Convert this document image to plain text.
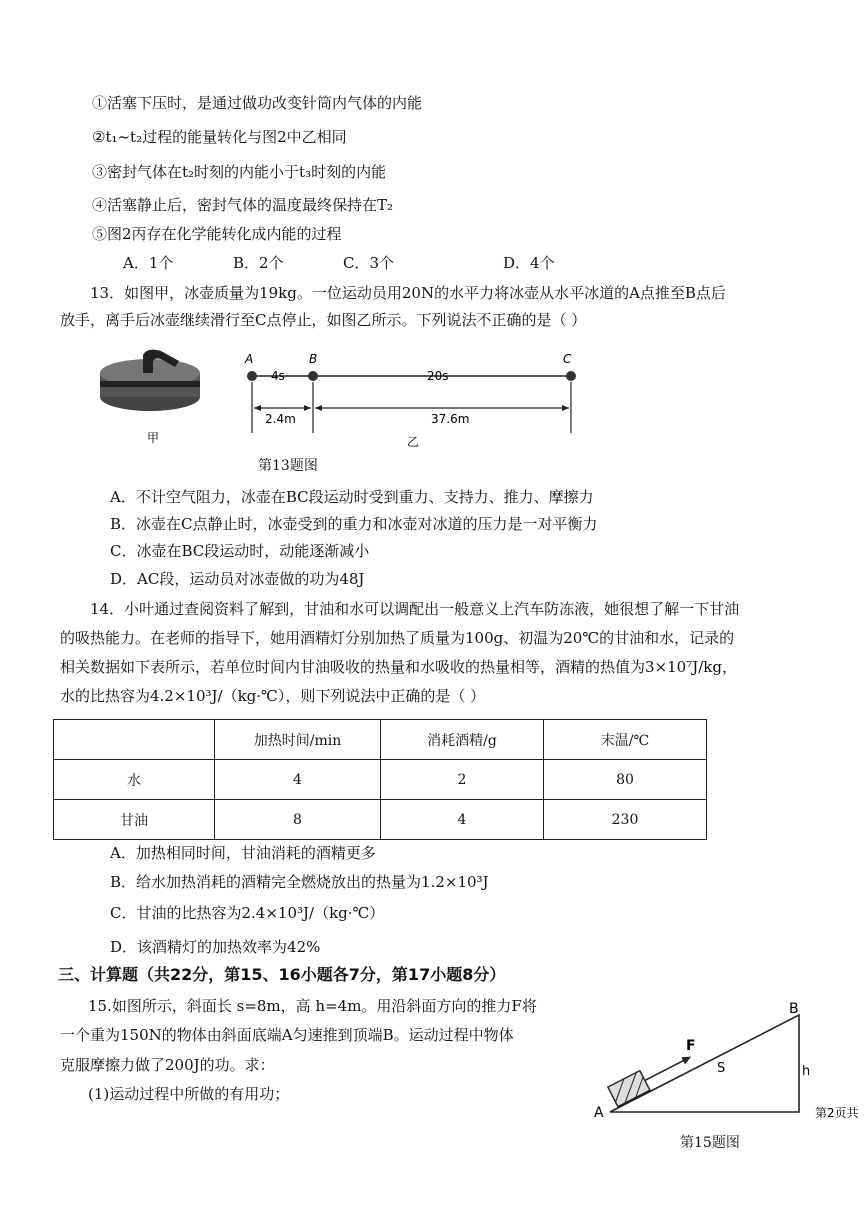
①活塞下压时，是通过做功改变针筒内气体的内能
②t₁~t₂过程的能量转化与图2中乙相同
③密封气体在t₂时刻的内能小于t₃时刻的内能
④活塞静止后，密封气体的温度最终保持在T₂
⑤图2丙存在化学能转化成内能的过程
A．1个	B．2个	C．3个	D．4个
13．如图甲，冰壶质量为19kg。一位运动员用20N的水平力将冰壶从水平冰道的A点推至B点后
放手，离手后冰壶继续滑行至C点停止，如图乙所示。下列说法不正确的是（ ）
甲
A	B	C
4s	20s
2.4m	37.6m
乙
第13题图
A．不计空气阻力，冰壶在BC段运动时受到重力、支持力、推力、摩擦力
B．冰壶在C点静止时，冰壶受到的重力和冰壶对冰道的压力是一对平衡力
C．冰壶在BC段运动时，动能逐渐减小
D．AC段，运动员对冰壶做的功为48J
14．小叶通过查阅资料了解到，甘油和水可以调配出一般意义上汽车防冻液，她很想了解一下甘油
的吸热能力。在老师的指导下，她用酒精灯分别加热了质量为100g、初温为20℃的甘油和水，记录的
相关数据如下表所示，若单位时间内甘油吸收的热量和水吸收的热量相等，酒精的热值为3×10⁷J/kg，
水的比热容为4.2×10³J/（kg·℃），则下列说法中正确的是（ ）
	加热时间/min	消耗酒精/g	末温/℃
水	4	2	80
甘油	8	4	230
A．加热相同时间，甘油消耗的酒精更多
B．给水加热消耗的酒精完全燃烧放出的热量为1.2×10³J
C．甘油的比热容为2.4×10³J/（kg·℃）
D．该酒精灯的加热效率为42%
三、计算题（共22分，第15、16小题各7分，第17小题8分）
15.如图所示，斜面长 s=8m，高 h=4m。用沿斜面方向的推力F将
一个重为150N的物体由斜面底端A匀速推到顶端B。运动过程中物体
克服摩擦力做了200J的功。求：
(1)运动过程中所做的有用功；
F
S	h
A
B
第2页共
第15题图
